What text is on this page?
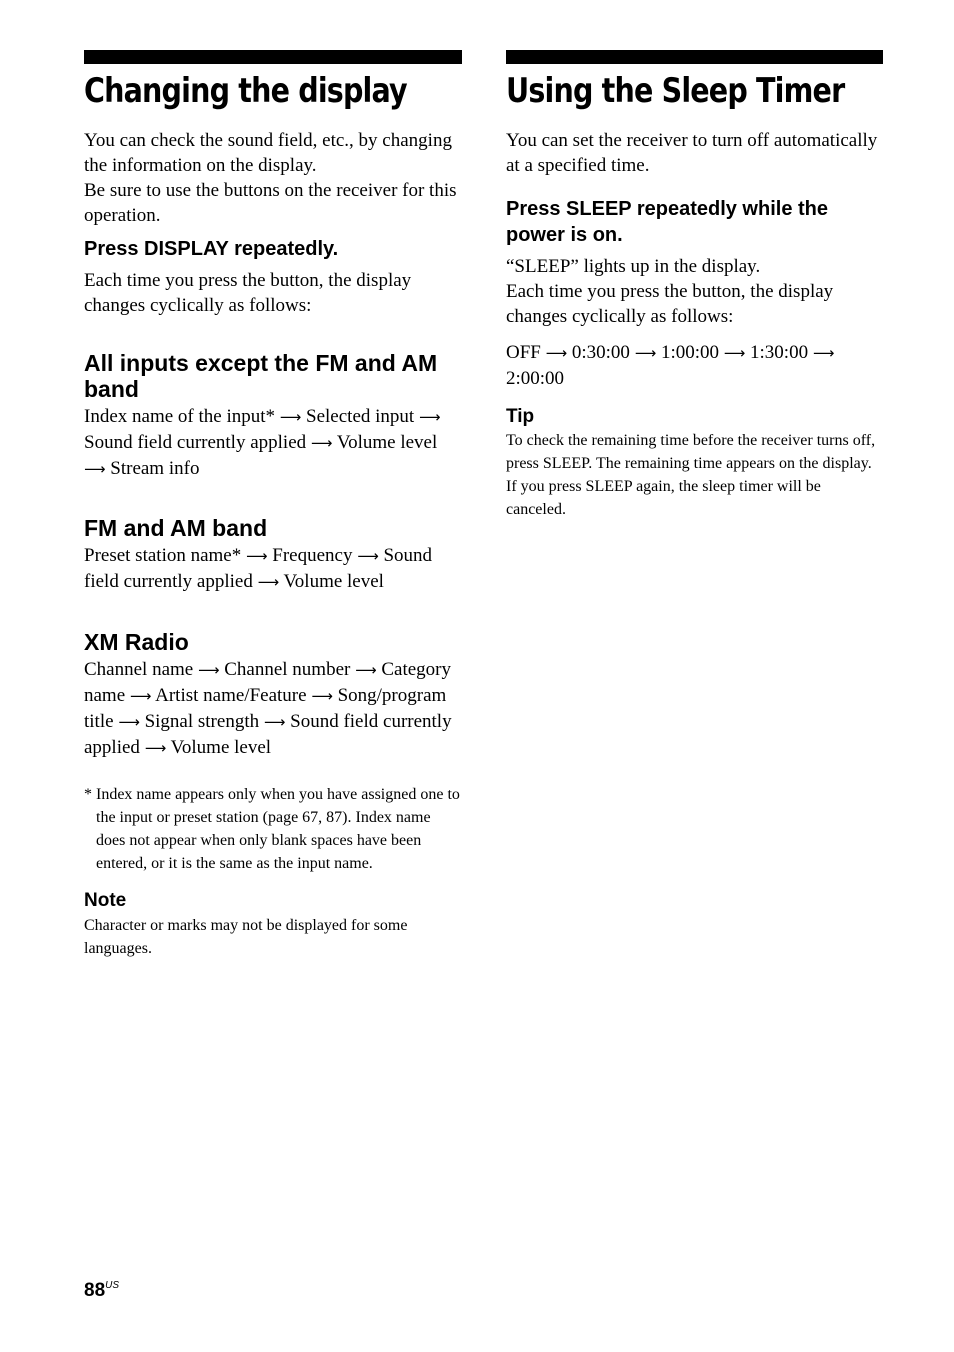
Changing the display

You can check the sound field, etc., by changing the information on the display.

Be sure to use the buttons on the receiver for this operation.

Press DISPLAY repeatedly.

Each time you press the button, the display changes cyclically as follows:

All inputs except the FM and AM band

Index name of the input* ⟶ Selected input ⟶ Sound field currently applied ⟶ Volume level ⟶ Stream info

FM and AM band

Preset station name* ⟶ Frequency ⟶ Sound field currently applied ⟶ Volume level

XM Radio

Channel name ⟶ Channel number ⟶ Category name ⟶ Artist name/Feature ⟶ Song/program title ⟶ Signal strength ⟶ Sound field currently applied ⟶ Volume level

* Index name appears only when you have assigned one to the input or preset station (page 67, 87). Index name does not appear when only blank spaces have been entered, or it is the same as the input name.

Note

Character or marks may not be displayed for some languages.

Using the Sleep Timer

You can set the receiver to turn off automatically at a specified time.

Press SLEEP repeatedly while the power is on.

“SLEEP” lights up in the display.

Each time you press the button, the display changes cyclically as follows:

OFF ⟶ 0:30:00 ⟶ 1:00:00 ⟶ 1:30:00 ⟶ 2:00:00

Tip

To check the remaining time before the receiver turns off, press SLEEP. The remaining time appears on the display. If you press SLEEP again, the sleep timer will be canceled.

$88^{US}$
